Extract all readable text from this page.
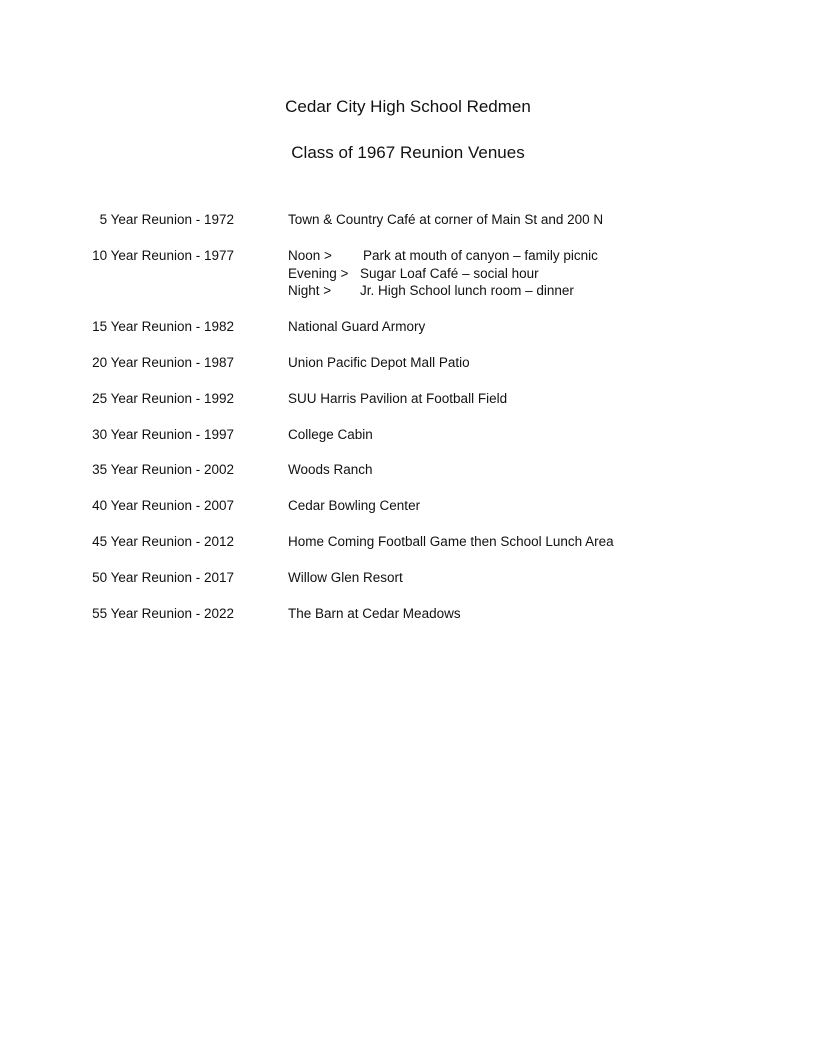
Cedar City High School Redmen
Class of 1967 Reunion Venues
5 Year Reunion - 1972	Town & Country Café at corner of Main St and 200 N
10 Year Reunion - 1977	Noon > Park at mouth of canyon – family picnic
Evening > Sugar Loaf Café – social hour
Night > Jr. High School lunch room – dinner
15 Year Reunion - 1982	National Guard Armory
20 Year Reunion - 1987	Union Pacific Depot Mall Patio
25 Year Reunion - 1992	SUU Harris Pavilion at Football Field
30 Year Reunion - 1997	College Cabin
35 Year Reunion - 2002	Woods Ranch
40 Year Reunion - 2007	Cedar Bowling Center
45 Year Reunion - 2012	Home Coming Football Game then School Lunch Area
50 Year Reunion - 2017	Willow Glen Resort
55 Year Reunion - 2022	The Barn at Cedar Meadows
